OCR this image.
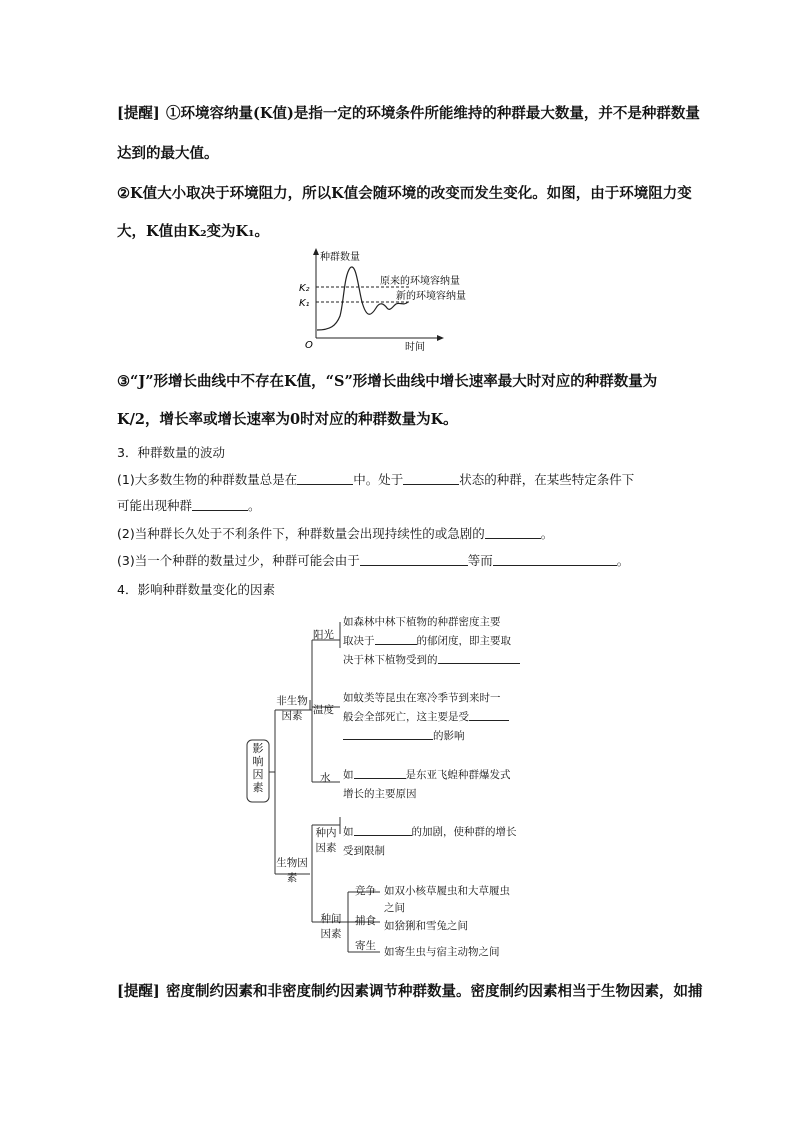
[提醒] ①环境容纳量(K值)是指一定的环境条件所能维持的种群最大数量，并不是种群数量
达到的最大值。
②K值大小取决于环境阻力，所以K值会随环境的改变而发生变化。如图，由于环境阻力变
大，K值由K₂变为K₁。
种群数量
时间
O
K₂
K₁
原来的环境容纳量
新的环境容纳量
③“J”形增长曲线中不存在K值，“S”形增长曲线中增长速率最大时对应的种群数量为
K/2，增长率或增长速率为0时对应的种群数量为K。
3．种群数量的波动
(1)大多数生物的种群数量总是在	中。处于	状态的种群，在某些特定条件下
可能出现种群	。
(2)当种群长久处于不利条件下，种群数量会出现持续性的或急剧的	。
(3)当一个种群的数量过少，种群可能会由于	等而	。
4．影响种群数量变化的因素
影响因素
非生物因素
生物因素
阳光
如森林中林下植物的种群密度主要
取决于	的郁闭度，即主要取
决于林下植物受到的
温度
如蚊类等昆虫在寒冷季节到来时一
般会全部死亡，这主要是受
的影响
水 如	是东亚飞蝗种群爆发式
增长的主要原因
种内因素
如	的加剧，使种群的增长
受到限制
种间因素
竞争 如双小核草履虫和大草履虫
之间
捕食 如猞猁和雪兔之间
寄生 如寄生虫与宿主动物之间
[提醒] 密度制约因素和非密度制约因素调节种群数量。密度制约因素相当于生物因素，如捕
